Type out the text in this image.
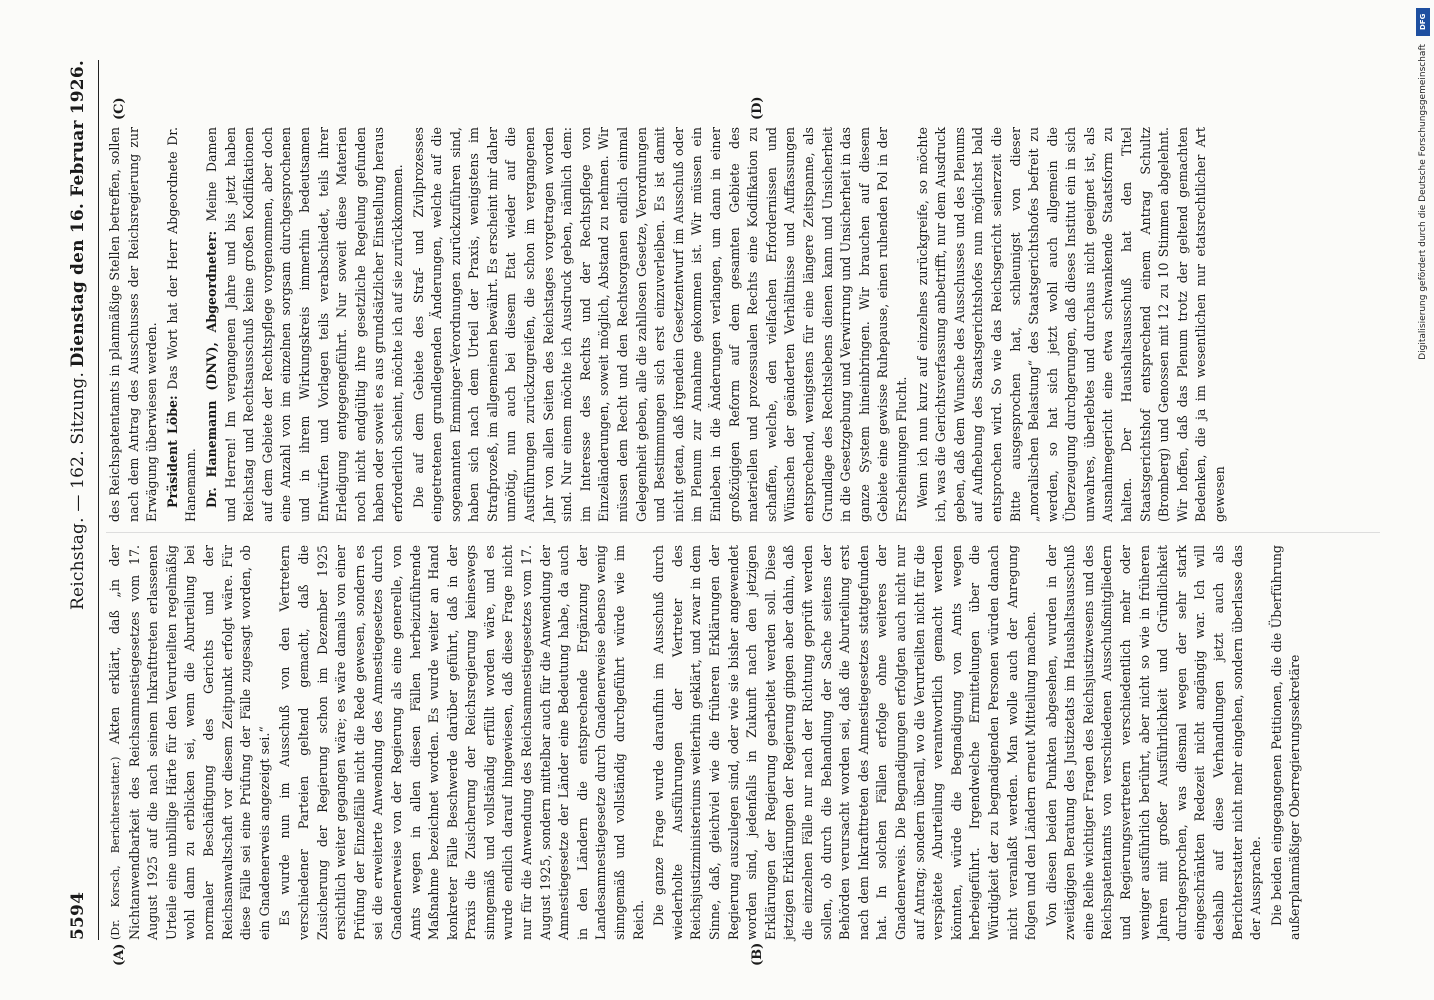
5594
Reichstag. — 162. Sitzung.
Dienstag den 16. Februar 1926.
(A)	(B)
(C)	(D)

(Dr. Korsch, Berichterstatter.) Akten erklärt, daß „in der Nichtanwendbarkeit des Reichsamnestiegesetzes vom 17. August 1925 auf die nach seinem Inkrafttreten erlassenen Urteile eine unbillige Härte für den Verurteilten regelmäßig wohl dann zu erblicken sei, wenn die Aburteilung bei normaler Beschäftigung des Gerichts und der Reichsanwaltschaft vor diesem Zeitpunkt erfolgt wäre. Für diese Fälle sei eine Prüfung der Fälle zugesagt worden, ob ein Gnadenerweis angezeigt sei.“ Es wurde nun im Ausschuß von den Vertretern verschiedener Parteien geltend gemacht, daß die Zusicherung der Regierung schon im Dezember 1925 ersichtlich weiter gegangen wäre; es wäre damals von einer Prüfung der Einzelfälle nicht die Rede gewesen, sondern es sei die erweiterte Anwendung des Amnestiegesetzes durch Gnadenerweise von der Regierung als eine generelle, von Amts wegen in allen diesen Fällen herbeizuführende Maßnahme bezeichnet worden. Es wurde weiter an Hand konkreter Fälle Beschwerde darüber geführt, daß in der Praxis die Zusicherung der Reichsregierung keineswegs sinngemäß und vollständig erfüllt worden wäre, und es wurde endlich darauf hingewiesen, daß diese Frage nicht nur für die Anwendung des Reichsamnestiegesetzes vom 17. August 1925, sondern mittelbar auch für die Anwendung der Amnestiegesetze der Länder eine Bedeutung habe, da auch in den Ländern die entsprechende Ergänzung der Landesamnestiegesetze durch Gnadenerweise ebenso wenig sinngemäß und vollständig durchgeführt würde wie im Reich. Die ganze Frage wurde daraufhin im Ausschuß durch wiederholte Ausführungen der Vertreter des Reichsjustizministeriums weiterhin geklärt, und zwar in dem Sinne, daß, gleichviel wie die früheren Erklärungen der Regierung auszulegen sind, oder wie sie bisher angewendet worden sind, jedenfalls in Zukunft nach den jetzigen Erklärungen der Regierung gearbeitet werden soll. Diese jetzigen Erklärungen der Regierung gingen aber dahin, daß die einzelnen Fälle nur nach der Richtung geprüft werden sollen, ob durch die Behandlung der Sache seitens der Behörden verursacht worden sei, daß die Aburteilung erst nach dem Inkrafttreten des Amnestiegesetzes stattgefunden hat. In solchen Fällen erfolge ohne weiteres der Gnadenerweis. Die Begnadigungen erfolgten auch nicht nur auf Antrag; sondern überall, wo die Verurteilten nicht für die verspätete Aburteilung verantwortlich gemacht werden könnten, würde die Begnadigung von Amts wegen herbeigeführt. Irgendwelche Ermittelungen über die Würdigkeit der zu begnadigenden Personen würden danach nicht veranlaßt werden. Man wolle auch der Anregung folgen und den Ländern erneut Mitteilung machen. Von diesen beiden Punkten abgesehen, wurden in der zweitägigen Beratung des Justizetats im Haushaltsausschuß eine Reihe wichtiger Fragen des Reichsjustizwesens und des Reichspatentamts von verschiedenen Ausschußmitgliedern und Regierungsvertretern verschiedentlich mehr oder weniger ausführlich berührt, aber nicht so wie in früheren Jahren mit großer Ausführlichkeit und Gründlichkeit durchgesprochen, was diesmal wegen der sehr stark eingeschränkten Redezeit nicht angängig war. Ich will deshalb auf diese Verhandlungen jetzt auch als Berichterstatter nicht mehr eingehen, sondern überlasse das der Aussprache. Die beiden eingegangenen Petitionen, die die Überführung außerplanmäßiger Oberregierungssekretäre

des Reichspatentamts in planmäßige Stellen betreffen, sollen nach dem Antrag des Ausschusses der Reichsregierung zur Erwägung überwiesen werden. Präsident Löbe: Das Wort hat der Herr Abgeordnete Dr. Hanemann. Dr. Hanemann (DNV), Abgeordneter: Meine Damen und Herren! Im vergangenen Jahre und bis jetzt haben Reichstag und Rechtsausschuß keine großen Kodifikationen auf dem Gebiete der Rechtspflege vorgenommen, aber doch eine Anzahl von im einzelnen sorgsam durchgesprochenen und in ihrem Wirkungskreis immerhin bedeutsamen Entwürfen und Vorlagen teils verabschiedet, teils ihrer Erledigung entgegengeführt. Nur soweit diese Materien noch nicht endgültig ihre gesetzliche Regelung gefunden haben oder soweit es aus grundsätzlicher Einstellung heraus erforderlich scheint, möchte ich auf sie zurückkommen. Die auf dem Gebiete des Straf- und Zivilprozesses eingetretenen grundlegenden Änderungen, welche auf die sogenannten Emminger-Verordnungen zurückzuführen sind, haben sich nach dem Urteil der Praxis, wenigstens im Strafprozeß, im allgemeinen bewährt. Es erscheint mir daher unnötig, nun auch bei diesem Etat wieder auf die Ausführungen zurückzugreifen, die schon im vergangenen Jahr von allen Seiten des Reichstages vorgetragen worden sind. Nur einem möchte ich Ausdruck geben, nämlich dem: im Interesse des Rechts und der Rechtspflege von Einzeländerungen, soweit möglich, Abstand zu nehmen. Wir müssen dem Recht und den Rechtsorganen endlich einmal Gelegenheit geben, alle die zahllosen Gesetze, Verordnungen und Bestimmungen sich erst einzuverleiben. Es ist damit nicht getan, daß irgendein Gesetzentwurf im Ausschuß oder im Plenum zur Annahme gekommen ist. Wir müssen ein Einleben in die Änderungen verlangen, um dann in einer großzügigen Reform auf dem gesamten Gebiete des materiellen und prozessualen Rechts eine Kodifikation zu schaffen, welche, den vielfachen Erfordernissen und Wünschen der geänderten Verhältnisse und Auffassungen entsprechend, wenigstens für eine längere Zeitspanne, als Grundlage des Rechtslebens dienen kann und Unsicherheit in die Gesetzgebung und Verwirrung und Unsicherheit in das ganze System hineinbringen. Wir brauchen auf diesem Gebiete eine gewisse Ruhepause, einen ruhenden Pol in der Erscheinungen Flucht. Wenn ich nun kurz auf einzelnes zurückgreife, so möchte ich, was die Gerichtsverfassung anbetrifft, nur dem Ausdruck geben, daß dem Wunsche des Ausschusses und des Plenums auf Aufhebung des Staatsgerichtshofes nun möglichst bald entsprochen wird. So wie das Reichsgericht seinerzeit die Bitte ausgesprochen hat, schleunigst von dieser „moralischen Belastung“ des Staatsgerichtshofes befreit zu werden, so hat sich jetzt wohl auch allgemein die Überzeugung durchgerungen, daß dieses Institut ein in sich unwahres, überlebtes und durchaus nicht geeignet ist, als Ausnahmegericht eine etwa schwankende Staatsform zu halten. Der Haushaltsausschuß hat den Titel Staatsgerichtshof entsprechend einem Antrag Schultz (Bromberg) und Genossen mit 12 zu 10 Stimmen abgelehnt. Wir hoffen, daß das Plenum trotz der geltend gemachten Bedenken, die ja im wesentlichen nur etatsrechtlicher Art gewesen

DFG
Digitalisierung gefördert durch die Deutsche Forschungsgemeinschaft
